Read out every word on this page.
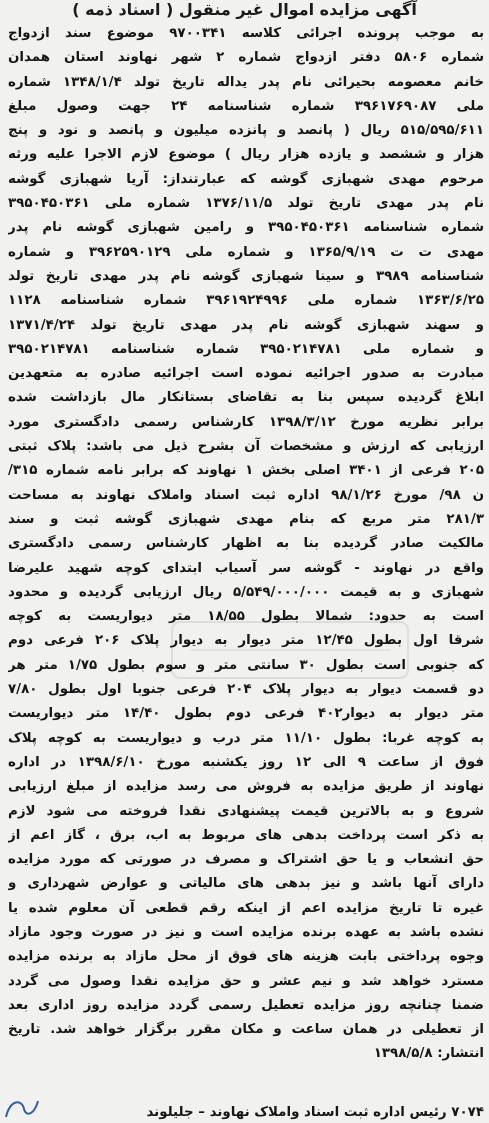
آگهی مزایده اموال غیر منقول ( اسناد ذمه )
به موجب پرونده اجرائی کلاسه ۹۷۰۰۳۴۱ موضوع سند ازدواج
شماره ۵۸۰۶ دفتر ازدواج شماره ۲ شهر نهاوند استان همدان
خانم معصومه بحیرائی نام پدر یداله تاریخ تولد ۱۳۴۸/۱/۴ شماره
ملی ۳۹۶۱۷۶۹۰۸۷ شماره شناسنامه ۲۴ جهت وصول مبلغ
۵۱۵/۵۹۵/۶۱۱ ریال ( پانصد و پانزده میلیون و پانصد و نود و پنج
هزار و ششصد و یازده هزار ریال ) موضوع لازم الاجرا علیه ورثه
مرحوم مهدی شهبازی گوشه که عبارتنداز: آریا شهبازی گوشه
نام پدر مهدی تاریخ تولد ۱۳۷۶/۱۱/۵ شماره ملی ۳۹۵۰۴۵۰۳۶۱
شماره شناسنامه ۳۹۵۰۴۵۰۳۶۱ و رامین شهبازی گوشه نام پدر
مهدی ت ت ۱۳۶۵/۹/۱۹ و شماره ملی ۳۹۶۲۵۹۰۱۲۹ و شماره
شناسنامه ۳۹۸۹ و سینا شهبازی گوشه نام پدر مهدی تاریخ تولد
۱۳۶۳/۶/۲۵ شماره ملی ۳۹۶۱۹۲۴۹۹۶ شماره شناسنامه ۱۱۲۸
و سهند شهبازی گوشه نام پدر مهدی تاریخ تولد ۱۳۷۱/۴/۲۴
و شماره ملی ۳۹۵۰۲۱۴۷۸۱ شماره شناسنامه ۳۹۵۰۲۱۴۷۸۱
مبادرت به صدور اجرائیه نموده است اجرائیه صادره به متعهدین
ابلاغ گردیده سپس بنا به تقاضای بستانکار مال بازداشت شده
برابر نظریه مورخ ۱۳۹۸/۳/۱۲ کارشناس رسمی دادگستری مورد
ارزیابی که ارزش و مشخصات آن بشرح ذیل می باشد: پلاک ثبتی
۲۰۵ فرعی از ۳۴۰۱ اصلی بخش ۱ نهاوند که برابر نامه شماره ۳۱۵/
ن ۹۸/ مورخ ۹۸/۱/۲۶ اداره ثبت اسناد واملاک نهاوند به مساحت
۲۸۱/۳ متر مربع که بنام مهدی شهبازی گوشه ثبت و سند
مالکیت صادر گردیده بنا به اظهار کارشناس رسمی دادگستری
واقع در نهاوند - گوشه سر آسیاب ابتدای کوچه شهید علیرضا
شهبازی و به قیمت ۵/۵۴۹/۰۰۰/۰۰۰ ریال ارزیابی گردیده و محدود
است به حدود: شمالا بطول ۱۸/۵۵ متر دیواریست به کوچه
شرقا اول بطول ۱۲/۴۵ متر دیوار به دیوار پلاک ۲۰۶ فرعی دوم
که جنوبی است بطول ۳۰ سانتی متر و سوم بطول ۱/۷۵ متر هر
دو قسمت دیوار به دیوار پلاک ۲۰۴ فرعی جنوبا اول بطول ۷/۸۰
متر دیوار به دیوار۴۰۲ فرعی دوم بطول ۱۴/۴۰ متر دیواریست
به کوچه غربا: بطول ۱۱/۱۰ متر درب و دیواریست به کوچه پلاک
فوق از ساعت ۹ الی ۱۲ روز یکشنبه مورخ ۱۳۹۸/۶/۱۰ در اداره
نهاوند از طریق مزایده به فروش می رسد مزایده از مبلغ ارزیابی
شروع و به بالاترین قیمت پیشنهادی نقدا فروخته می شود لازم
به ذکر است پرداخت بدهی های مربوط به اب، برق ، گاز اعم از
حق انشعاب و یا حق اشتراک و مصرف در صورتی که مورد مزایده
دارای آنها باشد و نیز بدهی های مالیاتی و عوارض شهرداری و
غیره تا تاریخ مزایده اعم از اینکه رقم قطعی آن معلوم شده یا
نشده باشد به عهده برنده مزایده است و نیز در صورت وجود مازاد
وجوه پرداختی بابت هزینه های فوق از محل مازاد به برنده مزایده
مسترد خواهد شد و نیم عشر و حق مزایده نقدا وصول می گردد
ضمنا چنانچه روز مزایده تعطیل رسمی گردد مزایده روز اداری بعد
از تعطیلی در همان ساعت و مکان مقرر برگزار خواهد شد. تاریخ
انتشار: ۱۳۹۸/۵/۸
۷۰۷۴ رئیس اداره ثبت اسناد واملاک نهاوند – جلیلوند
